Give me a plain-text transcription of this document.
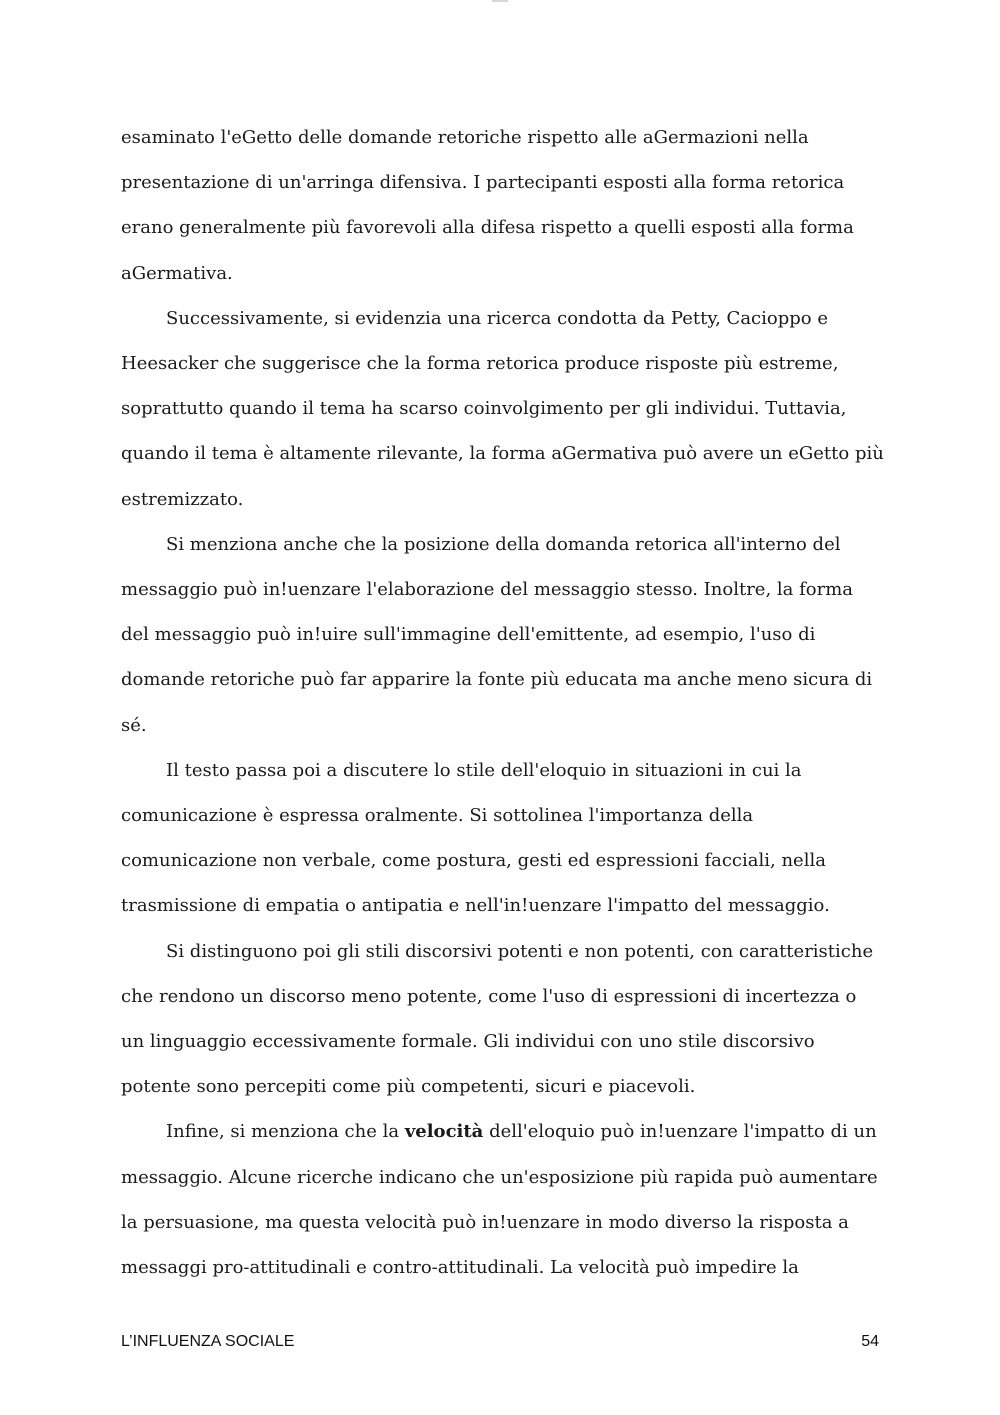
esaminato l'eGetto delle domande retoriche rispetto alle aGermazioni nella
presentazione di un'arringa difensiva. I partecipanti esposti alla forma retorica
erano generalmente più favorevoli alla difesa rispetto a quelli esposti alla forma
aGermativa.
Successivamente, si evidenzia una ricerca condotta da Petty, Cacioppo e
Heesacker che suggerisce che la forma retorica produce risposte più estreme,
soprattutto quando il tema ha scarso coinvolgimento per gli individui. Tuttavia,
quando il tema è altamente rilevante, la forma aGermativa può avere un eGetto più
estremizzato.
Si menziona anche che la posizione della domanda retorica all'interno del
messaggio può in!uenzare l'elaborazione del messaggio stesso. Inoltre, la forma
del messaggio può in!uire sull'immagine dell'emittente, ad esempio, l'uso di
domande retoriche può far apparire la fonte più educata ma anche meno sicura di
sé.
Il testo passa poi a discutere lo stile dell'eloquio in situazioni in cui la
comunicazione è espressa oralmente. Si sottolinea l'importanza della
comunicazione non verbale, come postura, gesti ed espressioni facciali, nella
trasmissione di empatia o antipatia e nell'in!uenzare l'impatto del messaggio.
Si distinguono poi gli stili discorsivi potenti e non potenti, con caratteristiche
che rendono un discorso meno potente, come l'uso di espressioni di incertezza o
un linguaggio eccessivamente formale. Gli individui con uno stile discorsivo
potente sono percepiti come più competenti, sicuri e piacevoli.
Infine, si menziona che la velocità dell'eloquio può in!uenzare l'impatto di un
messaggio. Alcune ricerche indicano che un'esposizione più rapida può aumentare
la persuasione, ma questa velocità può in!uenzare in modo diverso la risposta a
messaggi pro-attitudinali e contro-attitudinali. La velocità può impedire la
L’INFLUENZA SOCIALE	54
